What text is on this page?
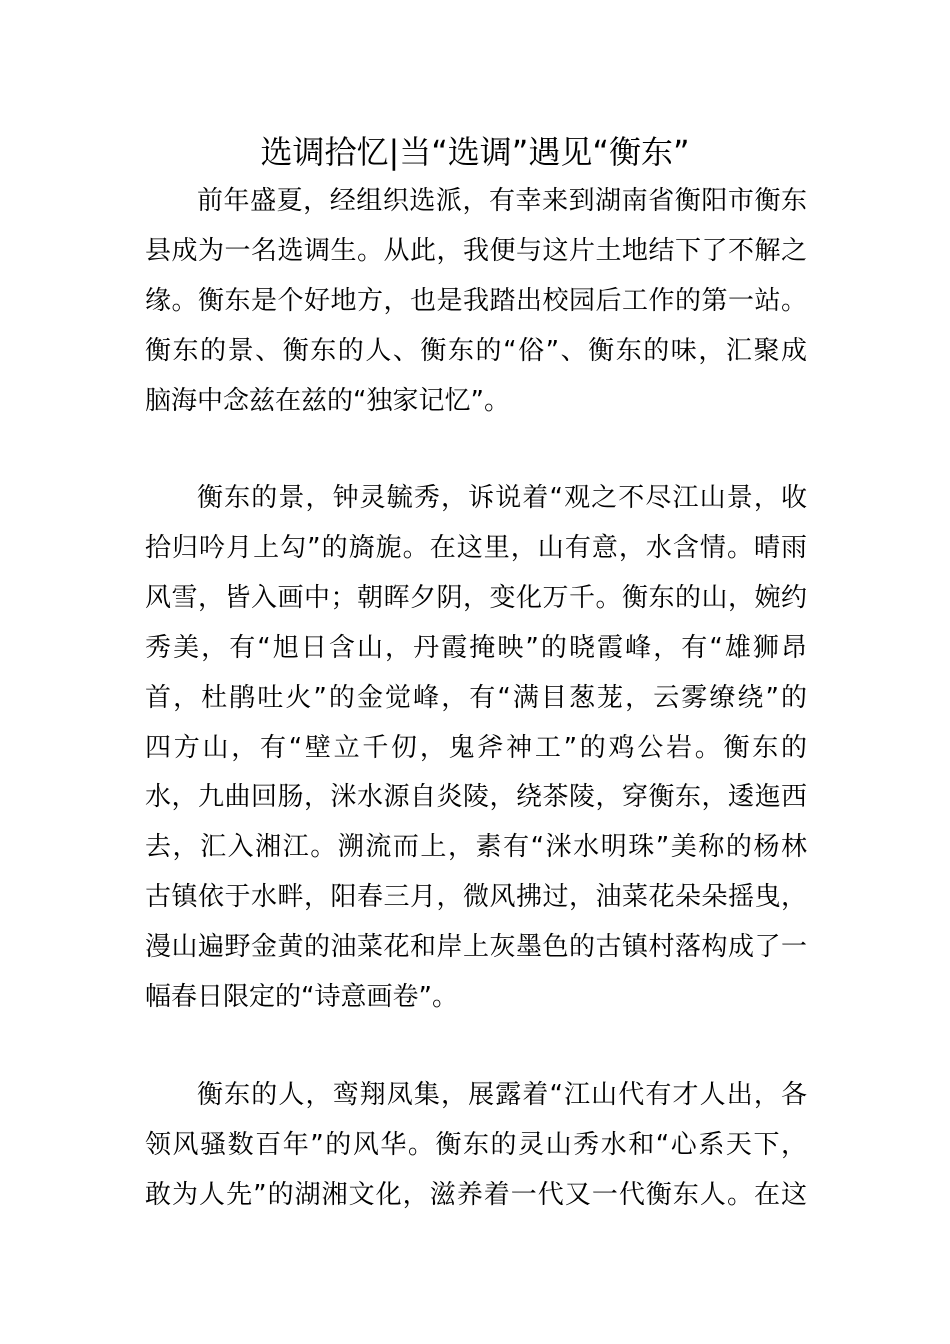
选调拾忆|当“选调”遇见“衡东”
前年盛夏，经组织选派，有幸来到湖南省衡阳市衡东
县成为一名选调生。从此，我便与这片土地结下了不解之
缘。衡东是个好地方，也是我踏出校园后工作的第一站。
衡东的景、衡东的人、衡东的“俗”、衡东的味，汇聚成
脑海中念兹在兹的“独家记忆”。
衡东的景，钟灵毓秀，诉说着“观之不尽江山景，收
拾归吟月上勾”的旖旎。在这里，山有意，水含情。晴雨
风雪，皆入画中；朝晖夕阴，变化万千。衡东的山，婉约
秀美，有“旭日含山，丹霞掩映”的晓霞峰，有“雄狮昂
首，杜鹃吐火”的金觉峰，有“满目葱茏，云雾缭绕”的
四方山，有“壁立千仞，鬼斧神工”的鸡公岩。衡东的
水，九曲回肠，洣水源自炎陵，绕茶陵，穿衡东，逶迤西
去，汇入湘江。溯流而上，素有“洣水明珠”美称的杨林
古镇依于水畔，阳春三月，微风拂过，油菜花朵朵摇曳，
漫山遍野金黄的油菜花和岸上灰墨色的古镇村落构成了一
幅春日限定的“诗意画卷”。
衡东的人，鸾翔凤集，展露着“江山代有才人出，各
领风骚数百年”的风华。衡东的灵山秀水和“心系天下，
敢为人先”的湖湘文化，滋养着一代又一代衡东人。在这
